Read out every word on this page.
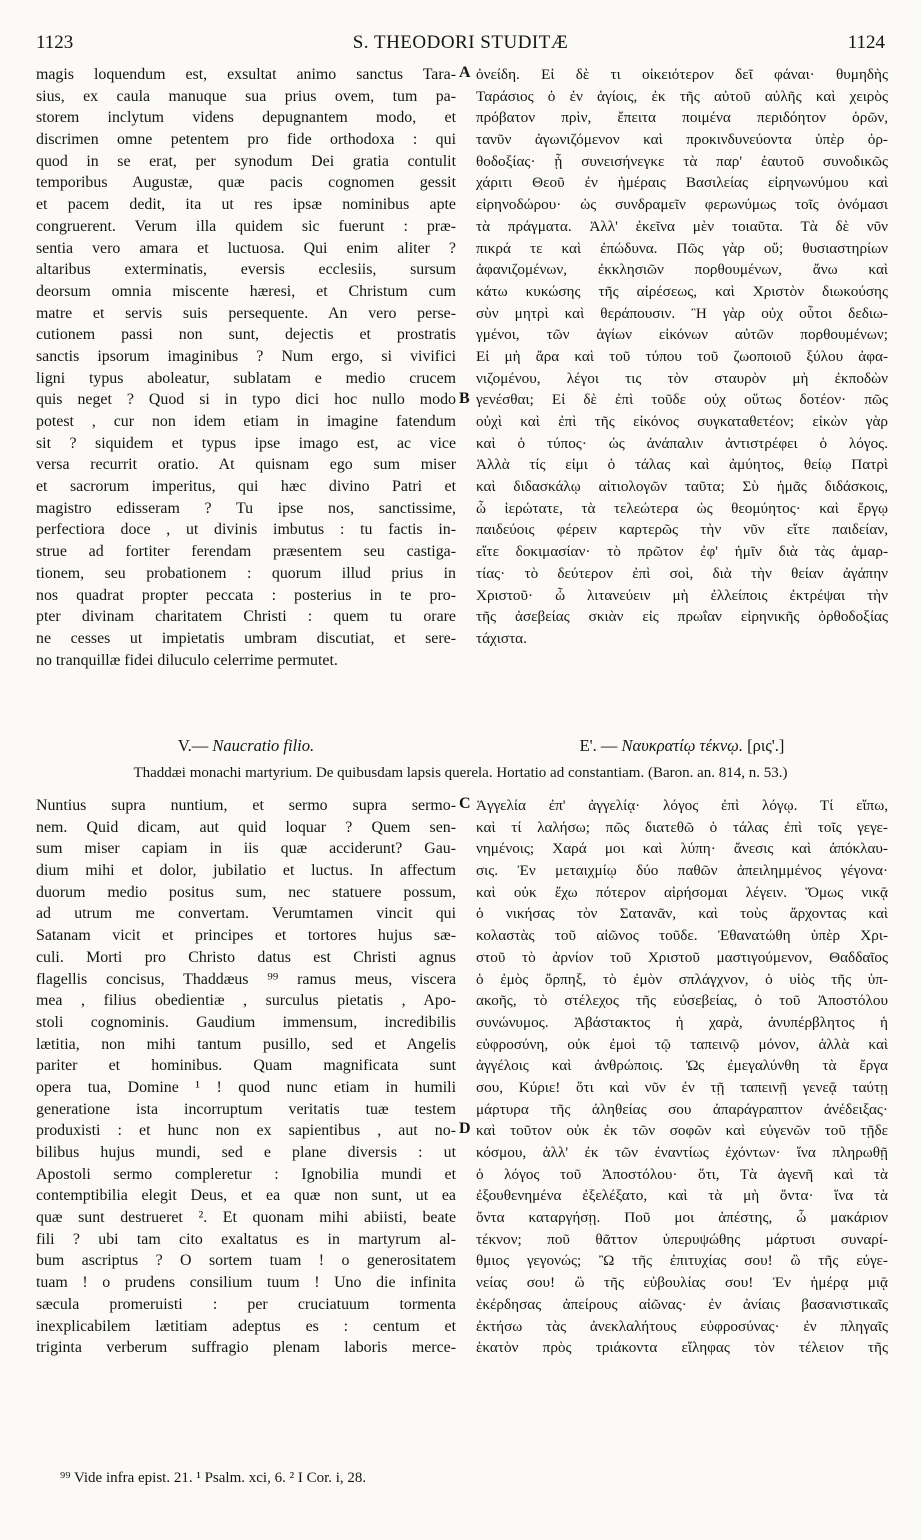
1123	S. THEODORI STUDITÆ	1124
magis loquendum est, exsultat animo sanctus Tara-
sius, ex caula manuque sua prius ovem, tum pa-
storem inclytum videns depugnantem modo, et
discrimen omne petentem pro fide orthodoxa : qui
quod in se erat, per synodum Dei gratia contulit
temporibus Augustæ, quæ pacis cognomen gessit
et pacem dedit, ita ut res ipsæ nominibus apte
congruerent. Verum illa quidem sic fuerunt : præ-
sentia vero amara et luctuosa. Qui enim aliter ?
altaribus exterminatis, eversis ecclesiis, sursum
deorsum omnia miscente hæresi, et Christum cum
matre et servis suis persequente. An vero perse-
cutionem passi non sunt, dejectis et prostratis
sanctis ipsorum imaginibus ? Num ergo, si vivifici
ligni typus aboleatur, sublatam e medio crucem
quis neget ? Quod si in typo dici hoc nullo modo
potest , cur non idem etiam in imagine fatendum
sit ? siquidem et typus ipse imago est, ac vice
versa recurrit oratio. At quisnam ego sum miser
et sacrorum imperitus, qui hæc divino Patri et
magistro edisseram ? Tu ipse nos, sanctissime,
perfectiora doce , ut divinis imbutus : tu factis in-
strue ad fortiter ferendam præsentem seu castiga-
tionem, seu probationem : quorum illud prius in
nos quadrat propter peccata : posterius in te pro-
pter divinam charitatem Christi : quem tu orare
ne cesses ut impietatis umbram discutiat, et sere-
no tranquillæ fidei diluculo celerrime permutet.
ὀνείδη. Εἰ δὲ τι οἰκειότερον δεῖ φάναι· θυμηδὴς
Ταράσιος ὁ ἐν ἁγίοις, ἐκ τῆς αὐτοῦ αὐλῆς καὶ χειρὸς
πρόβατον πρὶν, ἔπειτα ποιμένα περιδόητον ὁρῶν,
τανῦν ἀγωνιζόμενον καὶ προκινδυνεύοντα ὑπὲρ ὀρ-
θοδοξίας· ᾗ συνεισήνεγκε τὰ παρ' ἑαυτοῦ συνοδικῶς
χάριτι Θεοῦ ἐν ἡμέραις Βασιλείας εἰρηνωνύμου καὶ
εἰρηνοδώρου· ὡς συνδραμεῖν φερωνύμως τοῖς ὀνόμασι
τὰ πράγματα. Ἀλλ' ἐκεῖνα μὲν τοιαῦτα. Τὰ δὲ νῦν
πικρά τε καὶ ἐπώδυνα. Πῶς γὰρ οὔ; θυσιαστηρίων
ἀφανιζομένων, ἐκκλησιῶν πορθουμένων, ἄνω καὶ
κάτω κυκώσης τῆς αἱρέσεως, καὶ Χριστὸν διωκούσης
σὺν μητρὶ καὶ θεράπουσιν. Ἢ γὰρ οὐχ οὗτοι δεδιω-
γμένοι, τῶν ἁγίων εἰκόνων αὐτῶν πορθουμένων;
Εἰ μὴ ἄρα καὶ τοῦ τύπου τοῦ ζωοποιοῦ ξύλου ἀφα-
νιζομένου, λέγοι τις τὸν σταυρὸν μὴ ἐκποδὼν
γενέσθαι; Εἰ δὲ ἐπὶ τοῦδε οὐχ οὕτως δοτέον· πῶς
οὐχὶ καὶ ἐπὶ τῆς εἰκόνος συγκαταθετέον; εἰκὼν γὰρ
καὶ ὁ τύπος· ὡς ἀνάπαλιν ἀντιστρέφει ὁ λόγος.
Ἀλλὰ τίς εἰμι ὁ τάλας καὶ ἀμύητος, θείῳ Πατρὶ
καὶ διδασκάλῳ αἰτιολογῶν ταῦτα; Σὺ ἡμᾶς διδάσκοις,
ὦ ἱερώτατε, τὰ τελεώτερα ὡς θεομύητος· καὶ ἔργῳ
παιδεύοις φέρειν καρτερῶς τὴν νῦν εἴτε παιδείαν,
εἴτε δοκιμασίαν· τὸ πρῶτον ἐφ' ἡμῖν διὰ τὰς ἁμαρ-
τίας· τὸ δεύτερον ἐπὶ σοὶ, διὰ τὴν θείαν ἀγάπην
Χριστοῦ· ὦ λιτανεύειν μὴ ἐλλείποις ἐκτρέψαι τὴν
τῆς ἀσεβείας σκιὰν εἰς πρωΐαν εἰρηνικῆς ὀρθοδοξίας
τάχιστα.
A
B
V.— Naucratio filio.	Ε'. — Ναυκρατίῳ τέκνῳ. [ρις'.]
Thaddæi monachi martyrium. De quibusdam lapsis querela. Hortatio ad constantiam. (Baron. an. 814, n. 53.)
Nuntius supra nuntium, et sermo supra sermo-
nem. Quid dicam, aut quid loquar ? Quem sen-
sum miser capiam in iis quæ acciderunt? Gau-
dium mihi et dolor, jubilatio et luctus. In affectum
duorum medio positus sum, nec statuere possum,
ad utrum me convertam. Verumtamen vincit qui
Satanam vicit et principes et tortores hujus sæ-
culi. Morti pro Christo datus est Christi agnus
flagellis concisus, Thaddæus ⁹⁹ ramus meus, viscera
mea , filius obedientiæ , surculus pietatis , Apo-
stoli cognominis. Gaudium immensum, incredibilis
lætitia, non mihi tantum pusillo, sed et Angelis
pariter et hominibus. Quam magnificata sunt
opera tua, Domine ¹ ! quod nunc etiam in humili
generatione ista incorruptum veritatis tuæ testem
produxisti : et hunc non ex sapientibus , aut no-
bilibus hujus mundi, sed e plane diversis : ut
Apostoli sermo compleretur : Ignobilia mundi et
contemptibilia elegit Deus, et ea quæ non sunt, ut ea
quæ sunt destrueret ². Et quonam mihi abiisti, beate
fili ? ubi tam cito exaltatus es in martyrum al-
bum ascriptus ? O sortem tuam ! o generositatem
tuam ! o prudens consilium tuum ! Uno die infinita
sæcula promeruisti : per cruciatuum tormenta
inexplicabilem lætitiam adeptus es : centum et
triginta verberum suffragio plenam laboris merce-
Ἀγγελία ἐπ' ἀγγελίᾳ· λόγος ἐπὶ λόγῳ. Τί εἴπω,
καὶ τί λαλήσω; πῶς διατεθῶ ὁ τάλας ἐπὶ τοῖς γεγε-
νημένοις; Χαρά μοι καὶ λύπη· ἄνεσις καὶ ἀπόκλαυ-
σις. Ἐν μεταιχμίῳ δύο παθῶν ἀπειλημμένος γέγονα·
καὶ οὐκ ἔχω πότερον αἱρήσομαι λέγειν. Ὅμως νικᾷ
ὁ νικήσας τὸν Σατανᾶν, καὶ τοὺς ἄρχοντας καὶ
κολαστὰς τοῦ αἰῶνος τοῦδε. Ἐθανατώθη ὑπὲρ Χρι-
στοῦ τὸ ἀρνίον τοῦ Χριστοῦ μαστιγούμενον, Θαδδαῖος
ὁ ἐμὸς ὄρπηξ, τὸ ἐμὸν σπλάγχνον, ὁ υἱὸς τῆς ὑπ-
ακοῆς, τὸ στέλεχος τῆς εὐσεβείας, ὁ τοῦ Ἀποστόλου
συνώνυμος. Ἀβάστακτος ἡ χαρὰ, ἀνυπέρβλητος ἡ
εὐφροσύνη, οὐκ ἐμοὶ τῷ ταπεινῷ μόνον, ἀλλὰ καὶ
ἀγγέλοις καὶ ἀνθρώποις. Ὡς ἐμεγαλύνθη τὰ ἔργα
σου, Κύριε! ὅτι καὶ νῦν ἐν τῇ ταπεινῇ γενεᾷ ταύτῃ
μάρτυρα τῆς ἀληθείας σου ἀπαράγραπτον ἀνέδειξας·
καὶ τοῦτον οὐκ ἐκ τῶν σοφῶν καὶ εὐγενῶν τοῦ τῇδε
κόσμου, ἀλλ' ἐκ τῶν ἐναντίως ἐχόντων· ἵνα πληρωθῇ
ὁ λόγος τοῦ Ἀποστόλου· ὅτι, Τὰ ἀγενῆ καὶ τὰ
ἐξουθενημένα ἐξελέξατο, καὶ τὰ μὴ ὄντα· ἵνα τὰ
ὄντα καταργήσῃ. Ποῦ μοι ἀπέστης, ὦ μακάριον
τέκνον; ποῦ θᾶττον ὑπερυψώθης μάρτυσι συναρί-
θμιος γεγονώς; Ὢ τῆς ἐπιτυχίας σου! ὢ τῆς εὐγε-
νείας σου! ὢ τῆς εὐβουλίας σου! Ἐν ἡμέρᾳ μιᾷ
ἐκέρδησας ἀπείρους αἰῶνας· ἐν ἀνίαις βασανιστικαῖς
ἐκτήσω τὰς ἀνεκλαλήτους εὐφροσύνας· ἐν πληγαῖς
ἑκατὸν πρὸς τριάκοντα εἴληφας τὸν τέλειον τῆς
C
D
⁹⁹ Vide infra epist. 21. ¹ Psalm. xci, 6. ² I Cor. i, 28.
